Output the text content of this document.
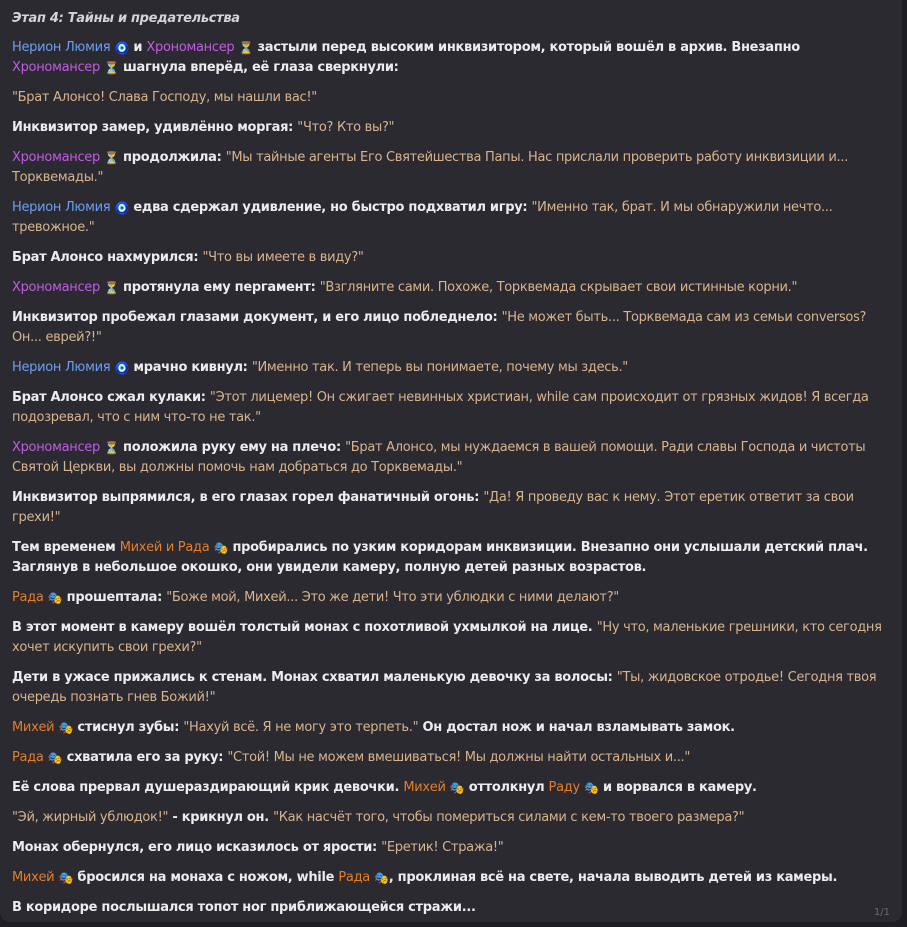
Этап 4: Тайны и предательства
Нерион Люмия 🧿 и Хрономансер ⏳ застыли перед высоким инквизитором, который вошёл в архив. Внезапно Хрономансер ⏳ шагнула вперёд, её глаза сверкнули:
"Брат Алонсо! Слава Господу, мы нашли вас!"
Инквизитор замер, удивлённо моргая: "Что? Кто вы?"
Хрономансер ⏳ продолжила: "Мы тайные агенты Его Святейшества Папы. Нас прислали проверить работу инквизиции и... Торквемады."
Нерион Люмия 🧿 едва сдержал удивление, но быстро подхватил игру: "Именно так, брат. И мы обнаружили нечто... тревожное."
Брат Алонсо нахмурился: "Что вы имеете в виду?"
Хрономансер ⏳ протянула ему пергамент: "Взгляните сами. Похоже, Торквемада скрывает свои истинные корни."
Инквизитор пробежал глазами документ, и его лицо побледнело: "Не может быть... Торквемада сам из семьи conversos? Он... еврей?!"
Нерион Люмия 🧿 мрачно кивнул: "Именно так. И теперь вы понимаете, почему мы здесь."
Брат Алонсо сжал кулаки: "Этот лицемер! Он сжигает невинных христиан, while сам происходит от грязных жидов! Я всегда подозревал, что с ним что-то не так."
Хрономансер ⏳ положила руку ему на плечо: "Брат Алонсо, мы нуждаемся в вашей помощи. Ради славы Господа и чистоты Святой Церкви, вы должны помочь нам добраться до Торквемады."
Инквизитор выпрямился, в его глазах горел фанатичный огонь: "Да! Я проведу вас к нему. Этот еретик ответит за свои грехи!"
Тем временем Михей и Рада 🎭 пробирались по узким коридорам инквизиции. Внезапно они услышали детский плач. Заглянув в небольшое окошко, они увидели камеру, полную детей разных возрастов.
Рада 🎭 прошептала: "Боже мой, Михей... Это же дети! Что эти ублюдки с ними делают?"
В этот момент в камеру вошёл толстый монах с похотливой ухмылкой на лице. "Ну что, маленькие грешники, кто сегодня хочет искупить свои грехи?"
Дети в ужасе прижались к стенам. Монах схватил маленькую девочку за волосы: "Ты, жидовское отродье! Сегодня твоя очередь познать гнев Божий!"
Михей 🎭 стиснул зубы: "Нахуй всё. Я не могу это терпеть." Он достал нож и начал взламывать замок.
Рада 🎭 схватила его за руку: "Стой! Мы не можем вмешиваться! Мы должны найти остальных и..."
Её слова прервал душераздирающий крик девочки. Михей 🎭 оттолкнул Раду 🎭 и ворвался в камеру.
"Эй, жирный ублюдок!" - крикнул он. "Как насчёт того, чтобы помериться силами с кем-то твоего размера?"
Монах обернулся, его лицо исказилось от ярости: "Еретик! Стража!"
Михей 🎭 бросился на монаха с ножом, while Рада 🎭, проклиная всё на свете, начала выводить детей из камеры.
В коридоре послышался топот ног приближающейся стражи...	1/1
